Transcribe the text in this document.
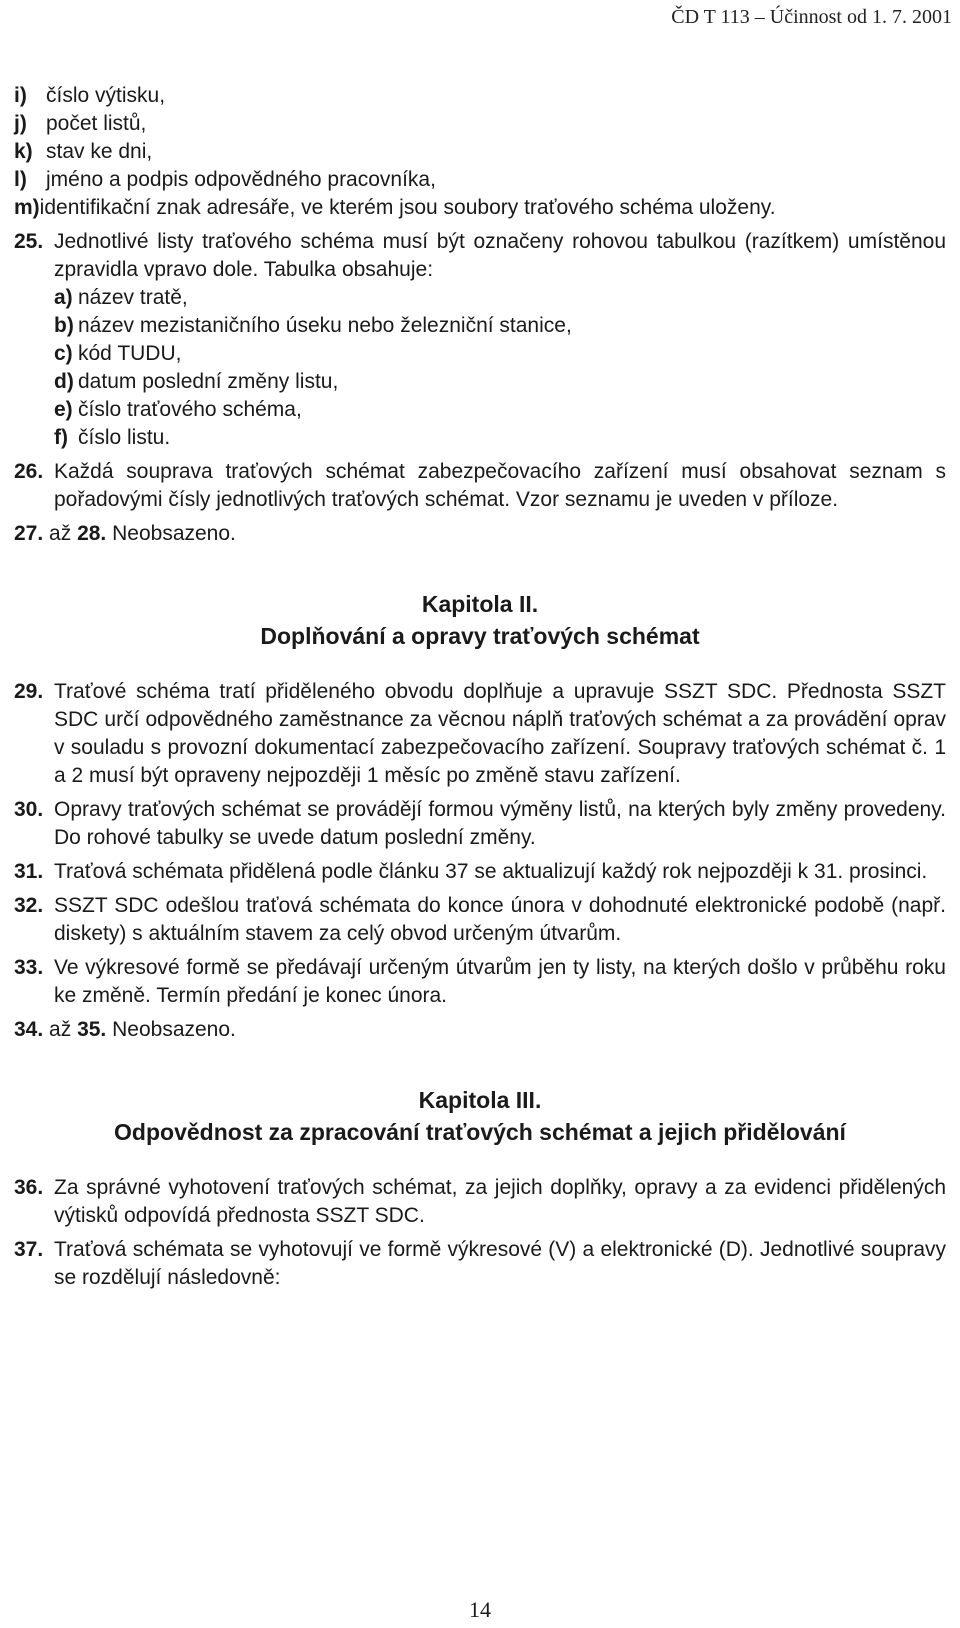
ČD T 113 – Účinnost od 1. 7. 2001
i) číslo výtisku,
j) počet listů,
k) stav ke dni,
l) jméno a podpis odpovědného pracovníka,
m) identifikační znak adresáře, ve kterém jsou soubory traťového schéma uloženy.
25. Jednotlivé listy traťového schéma musí být označeny rohovou tabulkou (razítkem) umístěnou zpravidla vpravo dole. Tabulka obsahuje:
a) název tratě,
b) název mezistaničního úseku nebo železniční stanice,
c) kód TUDU,
d) datum poslední změny listu,
e) číslo traťového schéma,
f) číslo listu.
26. Každá souprava traťových schémat zabezpečovacího zařízení musí obsahovat seznam s pořadovými čísly jednotlivých traťových schémat. Vzor seznamu je uveden v příloze.
27. až 28. Neobsazeno.
Kapitola II.
Doplňování a opravy traťových schémat
29. Traťové schéma tratí přiděleného obvodu doplňuje a upravuje SSZT SDC. Přednosta SSZT SDC určí odpovědného zaměstnance za věcnou náplň traťových schémat a za provádění oprav v souladu s provozní dokumentací zabezpečovacího zařízení. Soupravy traťových schémat č. 1 a 2 musí být opraveny nejpozději 1 měsíc po změně stavu zařízení.
30. Opravy traťových schémat se provádějí formou výměny listů, na kterých byly změny provedeny. Do rohové tabulky se uvede datum poslední změny.
31. Traťová schémata přidělená podle článku 37 se aktualizují každý rok nejpozději k 31. prosinci.
32. SSZT SDC odešlou traťová schémata do konce února v dohodnuté elektronické podobě (např. diskety) s aktuálním stavem za celý obvod určeným útvarům.
33. Ve výkresové formě se předávají určeným útvarům jen ty listy, na kterých došlo v průběhu roku ke změně. Termín předání je konec února.
34. až 35. Neobsazeno.
Kapitola III.
Odpovědnost za zpracování traťových schémat a jejich přidělování
36. Za správné vyhotovení traťových schémat, za jejich doplňky, opravy a za evidenci přidělených výtisků odpovídá přednosta SSZT SDC.
37. Traťová schémata se vyhotovují ve formě výkresové (V) a elektronické (D). Jednotlivé soupravy se rozdělují následovně:
14
